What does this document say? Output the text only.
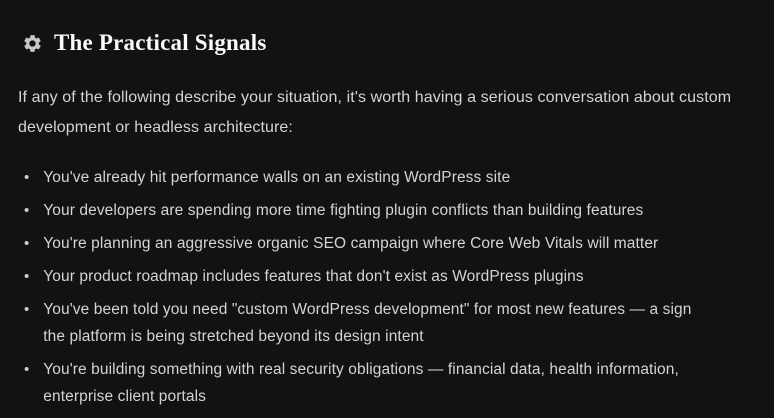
The Practical Signals

If any of the following describe your situation, it's worth having a serious conversation about custom development or headless architecture:

• You've already hit performance walls on an existing WordPress site
• Your developers are spending more time fighting plugin conflicts than building features
• You're planning an aggressive organic SEO campaign where Core Web Vitals will matter
• Your product roadmap includes features that don't exist as WordPress plugins
• You've been told you need "custom WordPress development" for most new features — a sign the platform is being stretched beyond its design intent
• You're building something with real security obligations — financial data, health information, enterprise client portals
